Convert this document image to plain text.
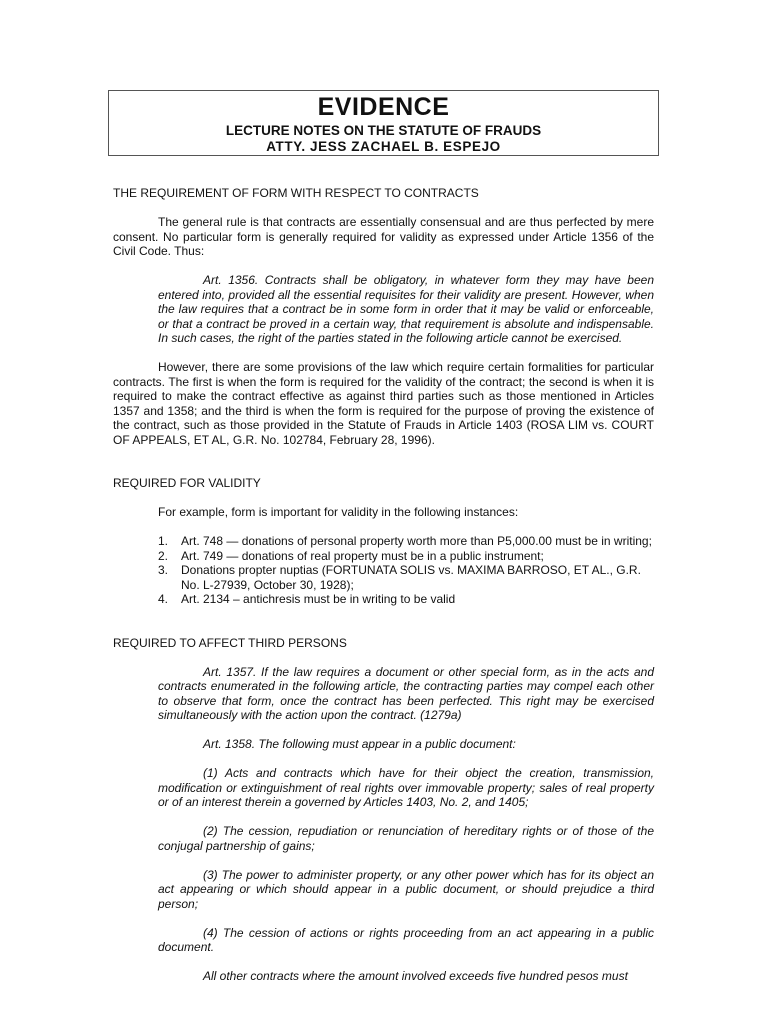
EVIDENCE
LECTURE NOTES ON THE STATUTE OF FRAUDS
ATTY. JESS ZACHAEL B. ESPEJO

THE REQUIREMENT OF FORM WITH RESPECT TO CONTRACTS

The general rule is that contracts are essentially consensual and are thus perfected by mere consent. No particular form is generally required for validity as expressed under Article 1356 of the Civil Code. Thus:

Art. 1356. Contracts shall be obligatory, in whatever form they may have been entered into, provided all the essential requisites for their validity are present. However, when the law requires that a contract be in some form in order that it may be valid or enforceable, or that a contract be proved in a certain way, that requirement is absolute and indispensable. In such cases, the right of the parties stated in the following article cannot be exercised.

However, there are some provisions of the law which require certain formalities for particular contracts. The first is when the form is required for the validity of the contract; the second is when it is required to make the contract effective as against third parties such as those mentioned in Articles 1357 and 1358; and the third is when the form is required for the purpose of proving the existence of the contract, such as those provided in the Statute of Frauds in Article 1403 (ROSA LIM vs. COURT OF APPEALS, ET AL, G.R. No. 102784, February 28, 1996).

REQUIRED FOR VALIDITY

For example, form is important for validity in the following instances:

1. Art. 748 — donations of personal property worth more than P5,000.00 must be in writing;
2. Art. 749 — donations of real property must be in a public instrument;
3. Donations propter nuptias (FORTUNATA SOLIS vs. MAXIMA BARROSO, ET AL., G.R. No. L-27939, October 30, 1928);
4. Art. 2134 – antichresis must be in writing to be valid

REQUIRED TO AFFECT THIRD PERSONS

Art. 1357. If the law requires a document or other special form, as in the acts and contracts enumerated in the following article, the contracting parties may compel each other to observe that form, once the contract has been perfected. This right may be exercised simultaneously with the action upon the contract. (1279a)

Art. 1358. The following must appear in a public document:

(1) Acts and contracts which have for their object the creation, transmission, modification or extinguishment of real rights over immovable property; sales of real property or of an interest therein a governed by Articles 1403, No. 2, and 1405;

(2) The cession, repudiation or renunciation of hereditary rights or of those of the conjugal partnership of gains;

(3) The power to administer property, or any other power which has for its object an act appearing or which should appear in a public document, or should prejudice a third person;

(4) The cession of actions or rights proceeding from an act appearing in a public document.

All other contracts where the amount involved exceeds five hundred pesos must
